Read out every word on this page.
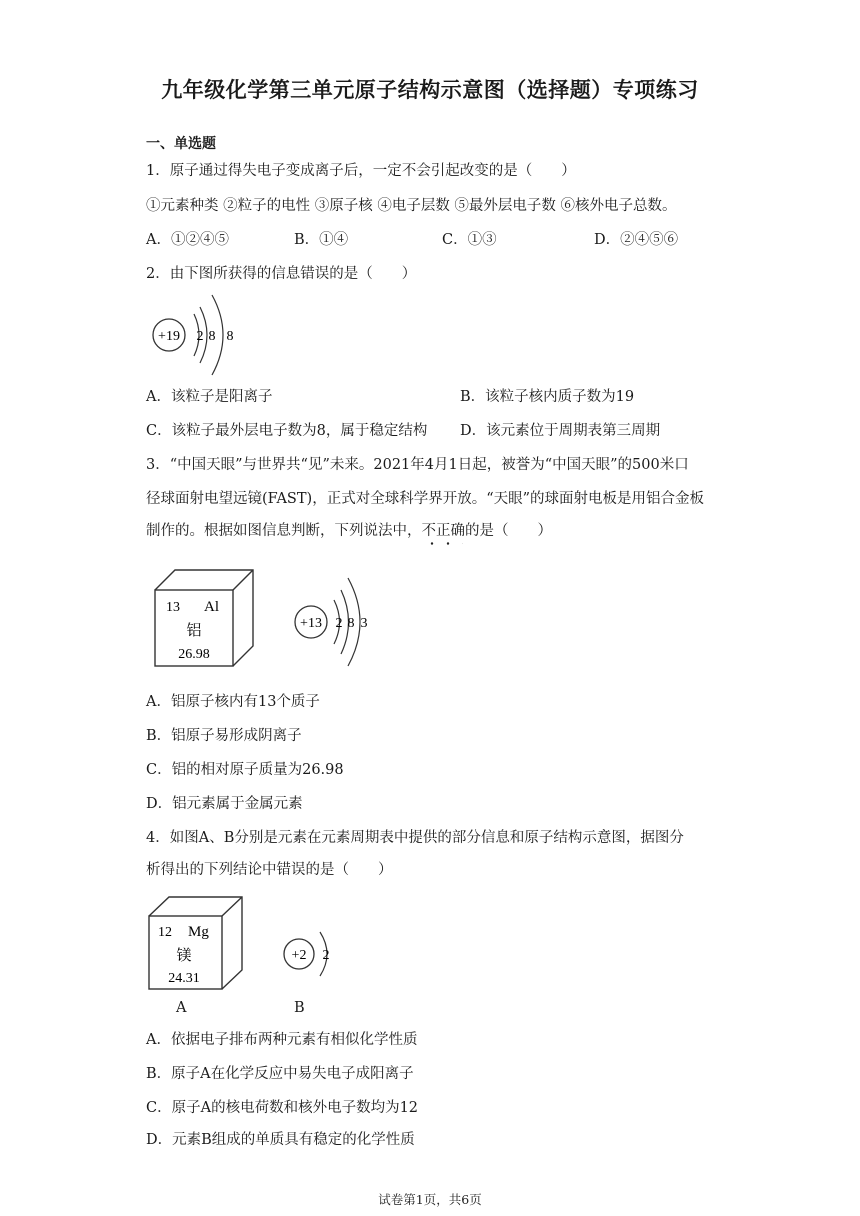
九年级化学第三单元原子结构示意图（选择题）专项练习
一、单选题
1．原子通过得失电子变成离子后，一定不会引起改变的是（　　）
①元素种类 ②粒子的电性 ③原子核 ④电子层数 ⑤最外层电子数 ⑥核外电子总数。
A．①②④⑤	B．①④	C．①③	D．②④⑤⑥
2．由下图所获得的信息错误的是（　　）
+19 2 8 8
A．该粒子是阳离子	B．该粒子核内质子数为19
C．该粒子最外层电子数为8，属于稳定结构 D．该元素位于周期表第三周期
3．“中国天眼”与世界共“见”未来。2021年4月1日起，被誉为“中国天眼”的500米口
径球面射电望远镜(FAST)，正式对全球科学界开放。“天眼”的球面射电板是用铝合金板
制作的。根据如图信息判断，下列说法中，不正确的是（　　）
13 Al
铝
26.98
+13 2 8 3
A．铝原子核内有13个质子
B．铝原子易形成阴离子
C．铝的相对原子质量为26.98
D．铝元素属于金属元素
4．如图A、B分别是元素在元素周期表中提供的部分信息和原子结构示意图，据图分
析得出的下列结论中错误的是（　　）
12 Mg
镁
24.31
+2 2
A	B
A．依据电子排布两种元素有相似化学性质
B．原子A在化学反应中易失电子成阳离子
C．原子A的核电荷数和核外电子数均为12
D．元素B组成的单质具有稳定的化学性质
试卷第1页，共6页
